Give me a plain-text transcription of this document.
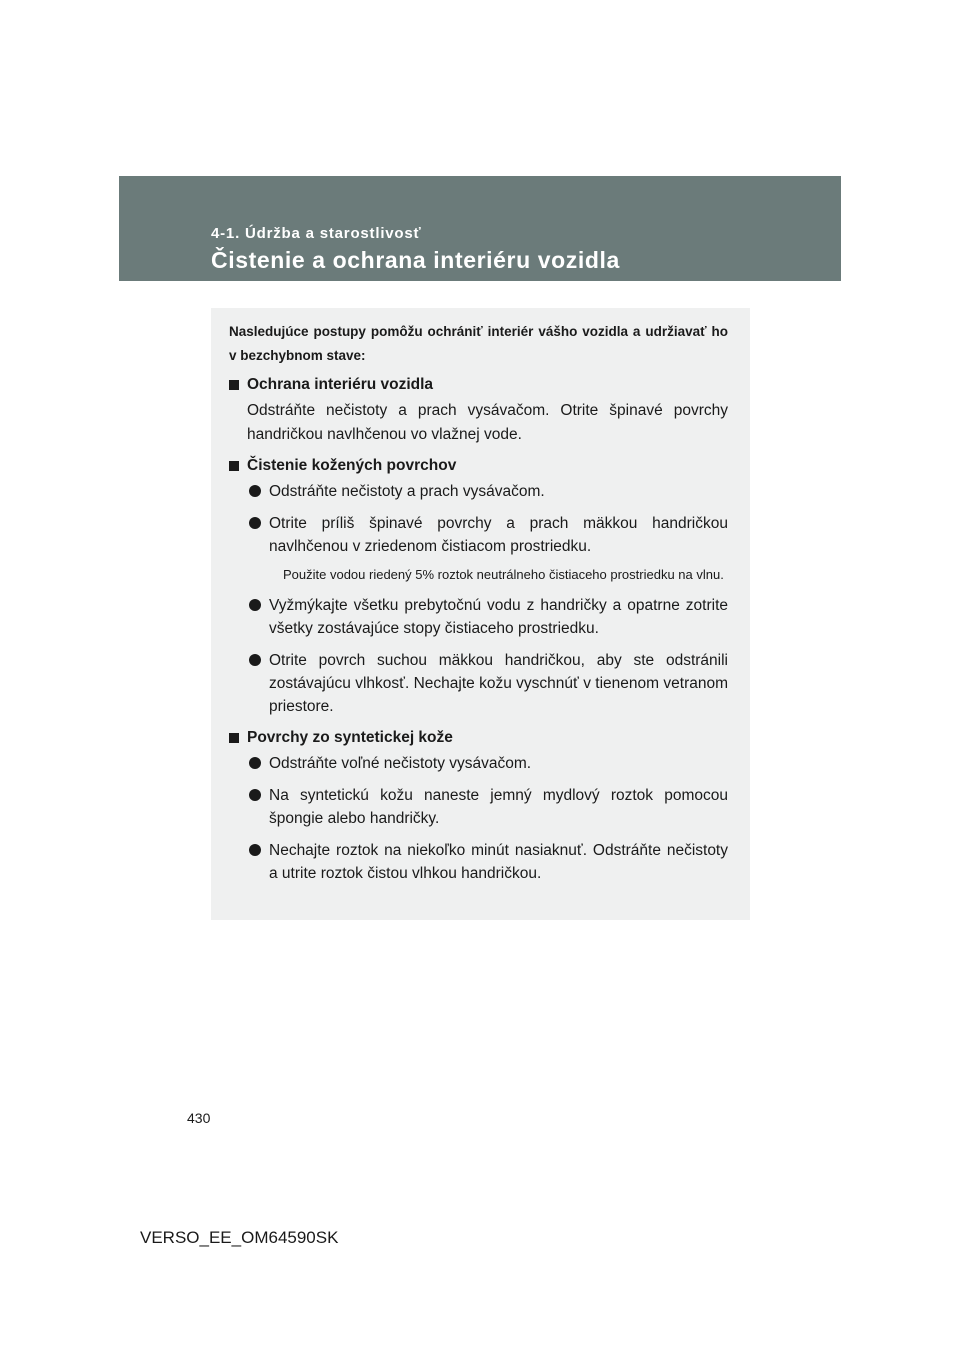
4-1. Údržba a starostlivosť
Čistenie a ochrana interiéru vozidla

Nasledujúce postupy pomôžu ochrániť interiér vášho vozidla a udržiavať ho v bezchybnom stave:

Ochrana interiéru vozidla

Odstráňte nečistoty a prach vysávačom. Otrite špinavé povrchy handričkou navlhčenou vo vlažnej vode.

Čistenie kožených povrchov
Odstráňte nečistoty a prach vysávačom.
Otrite príliš špinavé povrchy a prach mäkkou handričkou navlhčenou v zriedenom čistiacom prostriedku.

Použite vodou riedený 5% roztok neutrálneho čistiaceho prostriedku na vlnu.

Vyžmýkajte všetku prebytočnú vodu z handričky a opatrne zotrite všetky zostávajúce stopy čistiaceho prostriedku.
Otrite povrch suchou mäkkou handričkou, aby ste odstránili zostávajúcu vlhkosť. Nechajte kožu vyschnúť v tienenom vetranom priestore.
Povrchy zo syntetickej kože
Odstráňte voľné nečistoty vysávačom.
Na syntetickú kožu naneste jemný mydlový roztok pomocou špongie alebo handričky.
Nechajte roztok na niekoľko minút nasiaknuť. Odstráňte nečistoty a utrite roztok čistou vlhkou handričkou.
430
VERSO_EE_OM64590SK
